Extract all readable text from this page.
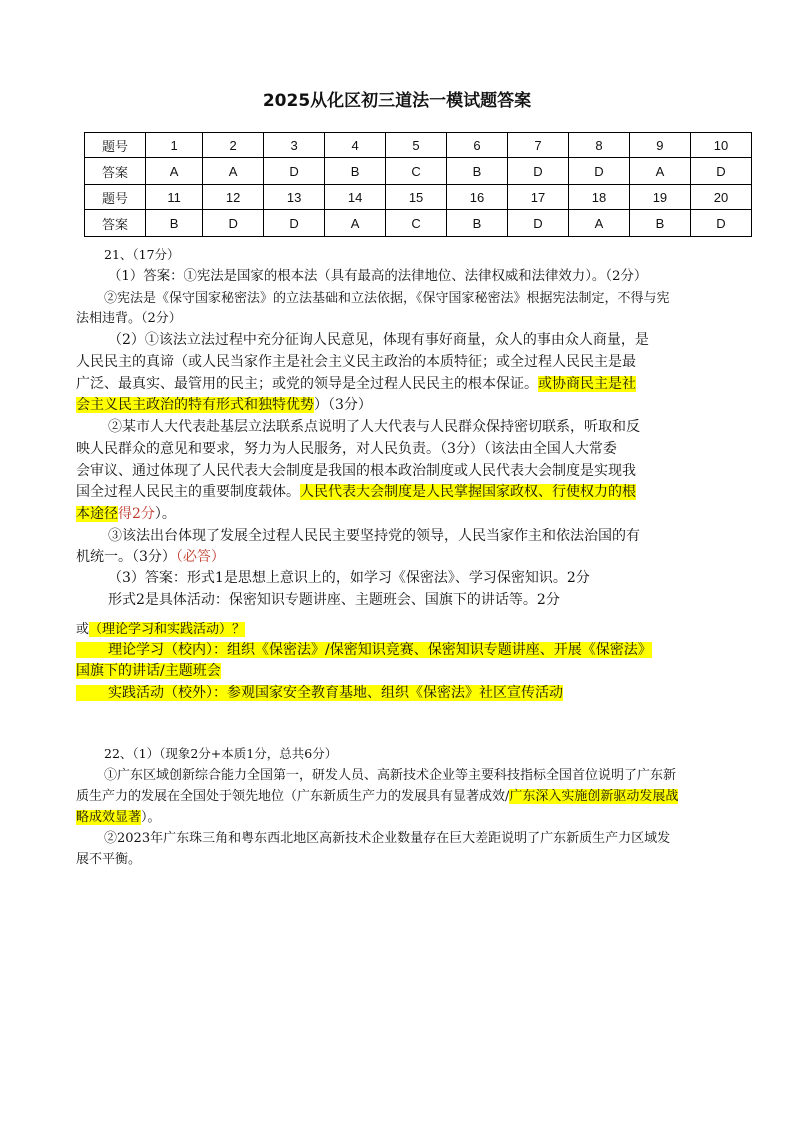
2025从化区初三道法一模试题答案
题号	1	2	3	4	5	6	7	8	9	10
答案	A	A	D	B	C	B	D	D	A	D
题号	11	12	13	14	15	16	17	18	19	20
答案	B	D	D	A	C	B	D	A	B	D
21、（17分）
（1）答案：①宪法是国家的根本法（具有最高的法律地位、法律权威和法律效力）。（2分）
②宪法是《保守国家秘密法》的立法基础和立法依据，《保守国家秘密法》根据宪法制定，不得与宪
法相违背。（2分）
（2）①该法立法过程中充分征询人民意见，体现有事好商量，众人的事由众人商量，是
人民民主的真谛（或人民当家作主是社会主义民主政治的本质特征；或全过程人民民主是最
广泛、最真实、最管用的民主；或党的领导是全过程人民民主的根本保证。或协商民主是社
会主义民主政治的特有形式和独特优势）（3分）
②某市人大代表赴基层立法联系点说明了人大代表与人民群众保持密切联系，听取和反
映人民群众的意见和要求，努力为人民服务，对人民负责。（3分）（该法由全国人大常委
会审议、通过体现了人民代表大会制度是我国的根本政治制度或人民代表大会制度是实现我
国全过程人民民主的重要制度载体。人民代表大会制度是人民掌握国家政权、行使权力的根
本途径得2分）。
③该法出台体现了发展全过程人民民主要坚持党的领导，人民当家作主和依法治国的有
机统一。（3分）（必答）
（3）答案：形式1是思想上意识上的，如学习《保密法》、学习保密知识。2分
形式2是具体活动：保密知识专题讲座、主题班会、国旗下的讲话等。2分
或（理论学习和实践活动）？
理论学习（校内）：组织《保密法》/保密知识竞赛、保密知识专题讲座、开展《保密法》
国旗下的讲话/主题班会
实践活动（校外）：参观国家安全教育基地、组织《保密法》社区宣传活动
22、（1）（现象2分+本质1分，总共6分）
①广东区域创新综合能力全国第一，研发人员、高新技术企业等主要科技指标全国首位说明了广东新
质生产力的发展在全国处于领先地位（广东新质生产力的发展具有显著成效/广东深入实施创新驱动发展战
略成效显著）。
②2023年广东珠三角和粤东西北地区高新技术企业数量存在巨大差距说明了广东新质生产力区域发
展不平衡。
